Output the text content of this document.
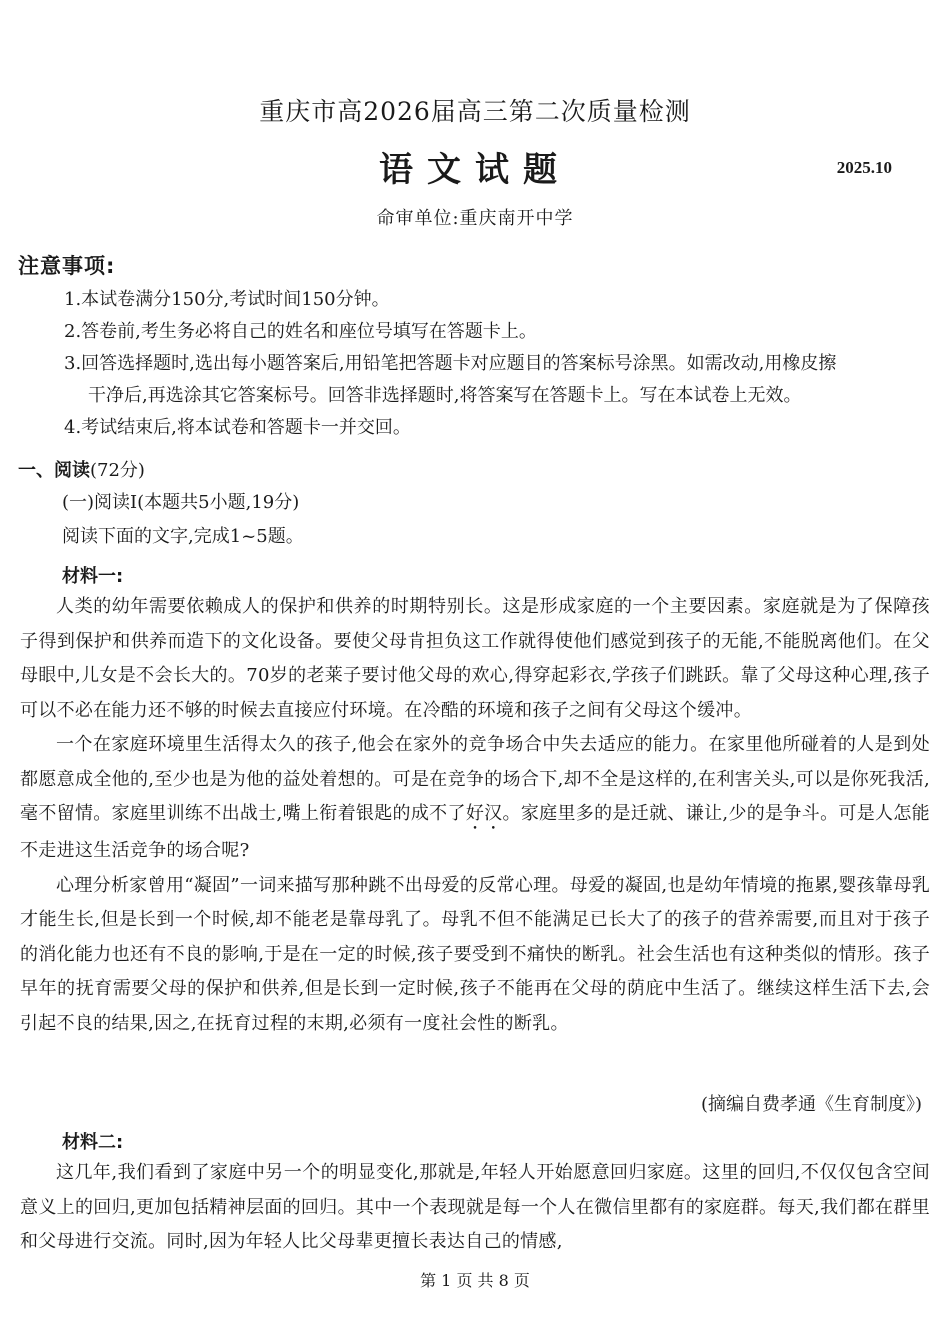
重庆市高2026届高三第二次质量检测
语文试题	2025.10
命审单位:重庆南开中学
注意事项:

1.本试卷满分150分,考试时间150分钟。

2.答卷前,考生务必将自己的姓名和座位号填写在答题卡上。

3.回答选择题时,选出每小题答案后,用铅笔把答题卡对应题目的答案标号涂黑。如需改动,用橡皮擦

干净后,再选涂其它答案标号。回答非选择题时,将答案写在答题卡上。写在本试卷上无效。

4.考试结束后,将本试卷和答题卡一并交回。

一、阅读(72分)
(一)阅读Ⅰ(本题共5小题,19分)
阅读下面的文字,完成1~5题。
材料一:

人类的幼年需要依赖成人的保护和供养的时期特别长。这是形成家庭的一个主要因素。家庭就是为了保障孩子得到保护和供养而造下的文化设备。要使父母肯担负这工作就得使他们感觉到孩子的无能,不能脱离他们。在父母眼中,儿女是不会长大的。70岁的老莱子要讨他父母的欢心,得穿起彩衣,学孩子们跳跃。靠了父母这种心理,孩子可以不必在能力还不够的时候去直接应付环境。在冷酷的环境和孩子之间有父母这个缓冲。

一个在家庭环境里生活得太久的孩子,他会在家外的竞争场合中失去适应的能力。在家里他所碰着的人是到处都愿意成全他的,至少也是为他的益处着想的。可是在竞争的场合下,却不全是这样的,在利害关头,可以是你死我活,毫不留情。家庭里训练不出战士,嘴上衔着银匙的成不了好汉。家庭里多的是迁就、谦让,少的是争斗。可是人怎能不走进这生活竞争的场合呢?

心理分析家曾用“凝固”一词来描写那种跳不出母爱的反常心理。母爱的凝固,也是幼年情境的拖累,婴孩靠母乳才能生长,但是长到一个时候,却不能老是靠母乳了。母乳不但不能满足已长大了的孩子的营养需要,而且对于孩子的消化能力也还有不良的影响,于是在一定的时候,孩子要受到不痛快的断乳。社会生活也有这种类似的情形。孩子早年的抚育需要父母的保护和供养,但是长到一定时候,孩子不能再在父母的荫庇中生活了。继续这样生活下去,会引起不良的结果,因之,在抚育过程的末期,必须有一度社会性的断乳。

(摘编自费孝通《生育制度》)
材料二:

这几年,我们看到了家庭中另一个的明显变化,那就是,年轻人开始愿意回归家庭。这里的回归,不仅仅包含空间意义上的回归,更加包括精神层面的回归。其中一个表现就是每一个人在微信里都有的家庭群。每天,我们都在群里和父母进行交流。同时,因为年轻人比父母辈更擅长表达自己的情感,

第 1 页 共 8 页
